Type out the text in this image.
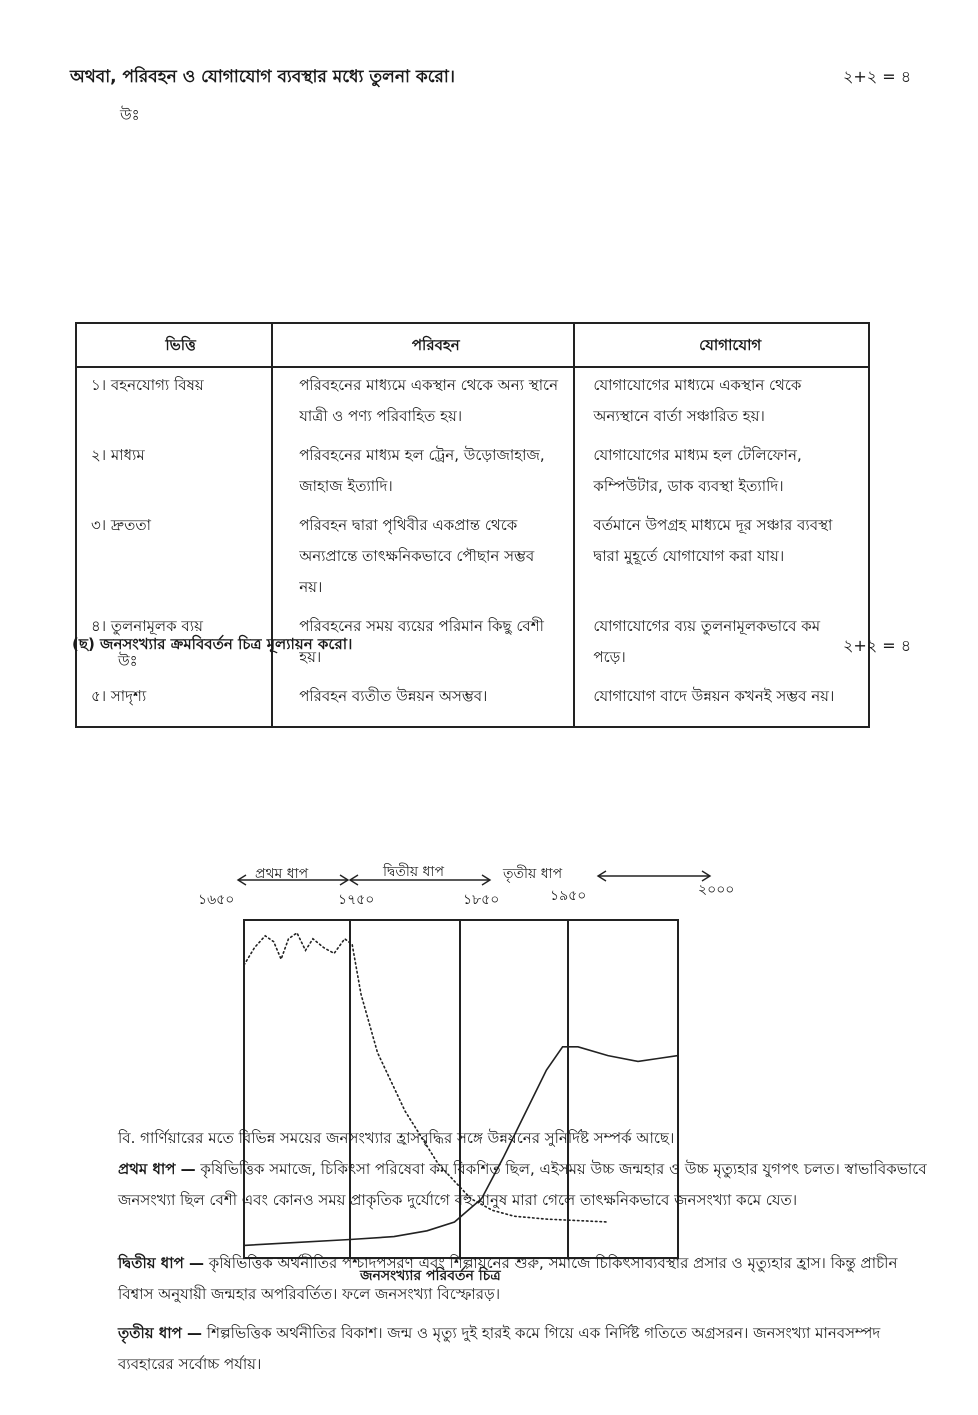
অথবা, পরিবহন ও যোগাযোগ ব্যবস্থার মধ্যে তুলনা করো।	২+২ = ৪
উঃ
ভিত্তি	পরিবহন	যোগাযোগ
১। বহনযোগ্য বিষয়	পরিবহনের মাধ্যমে একস্থান থেকে অন্য স্থানে যাত্রী ও পণ্য পরিবাহিত হয়।	যোগাযোগের মাধ্যমে একস্থান থেকে অন্যস্থানে বার্তা সঞ্চারিত হয়।
২। মাধ্যম	পরিবহনের মাধ্যম হল ট্রেন, উড়োজাহাজ, জাহাজ ইত্যাদি।	যোগাযোগের মাধ্যম হল টেলিফোন, কম্পিউটার, ডাক ব্যবস্থা ইত্যাদি।
৩। দ্রুততা	পরিবহন দ্বারা পৃথিবীর একপ্রান্ত থেকে অন্যপ্রান্তে তাৎক্ষনিকভাবে পৌছান সম্ভব নয়।	বর্তমানে উপগ্রহ মাধ্যমে দূর সঞ্চার ব্যবস্থা দ্বারা মুহূর্তে যোগাযোগ করা যায়।
৪। তুলনামূলক ব্যয়	পরিবহনের সময় ব্যয়ের পরিমান কিছু বেশী হয়।	যোগাযোগের ব্যয় তুলনামূলকভাবে কম পড়ে।
৫। সাদৃশ্য	পরিবহন ব্যতীত উন্নয়ন অসম্ভব।	যোগাযোগ বাদে উন্নয়ন কখনই সম্ভব নয়।
(ছ) জনসংখ্যার ক্রমবিবর্তন চিত্র মূল্যায়ন করো।	২+২ = ৪
উঃ
প্রথম ধাপ	দ্বিতীয় ধাপ	তৃতীয় ধাপ
১৬৫০	১৭৫০	১৮৫০	১৯৫০	২০০০
জনসংখ্যার পরিবর্তন চিত্র
বি. গার্ণিয়ারের মতে বিভিন্ন সময়ের জনসংখ্যার হ্রাসবৃদ্ধির সঙ্গে উন্নয়নের সুনির্দিষ্ট সম্পর্ক আছে।
প্রথম ধাপ — কৃষিভিত্তিক সমাজে, চিকিৎসা পরিষেবা কম বিকশিত ছিল, এইসময় উচ্চ জন্মহার ও উচ্চ মৃত্যুহার যুগপৎ চলত। স্বাভাবিকভাবে জনসংখ্যা ছিল বেশী এবং কোনও সময় প্রাকৃতিক দুর্যোগে বহু মানুষ মারা গেলে তাৎক্ষনিকভাবে জনসংখ্যা কমে যেত।
দ্বিতীয় ধাপ — কৃষিভিত্তিক অর্থনীতির পশ্চাদপসরণ এবং শিল্পায়নের শুরু, সমাজে চিকিৎসাব্যবস্থার প্রসার ও মৃত্যুহার হ্রাস। কিন্তু প্রাচীন বিশ্বাস অনুযায়ী জন্মহার অপরিবর্তিত। ফলে জনসংখ্যা বিস্ফোরড়।
তৃতীয় ধাপ — শিল্পভিত্তিক অর্থনীতির বিকাশ। জন্ম ও মৃত্যু দুই হারই কমে গিয়ে এক নির্দিষ্ট গতিতে অগ্রসরন। জনসংখ্যা মানবসম্পদ ব্যবহারের সর্বোচ্চ পর্যায়।
